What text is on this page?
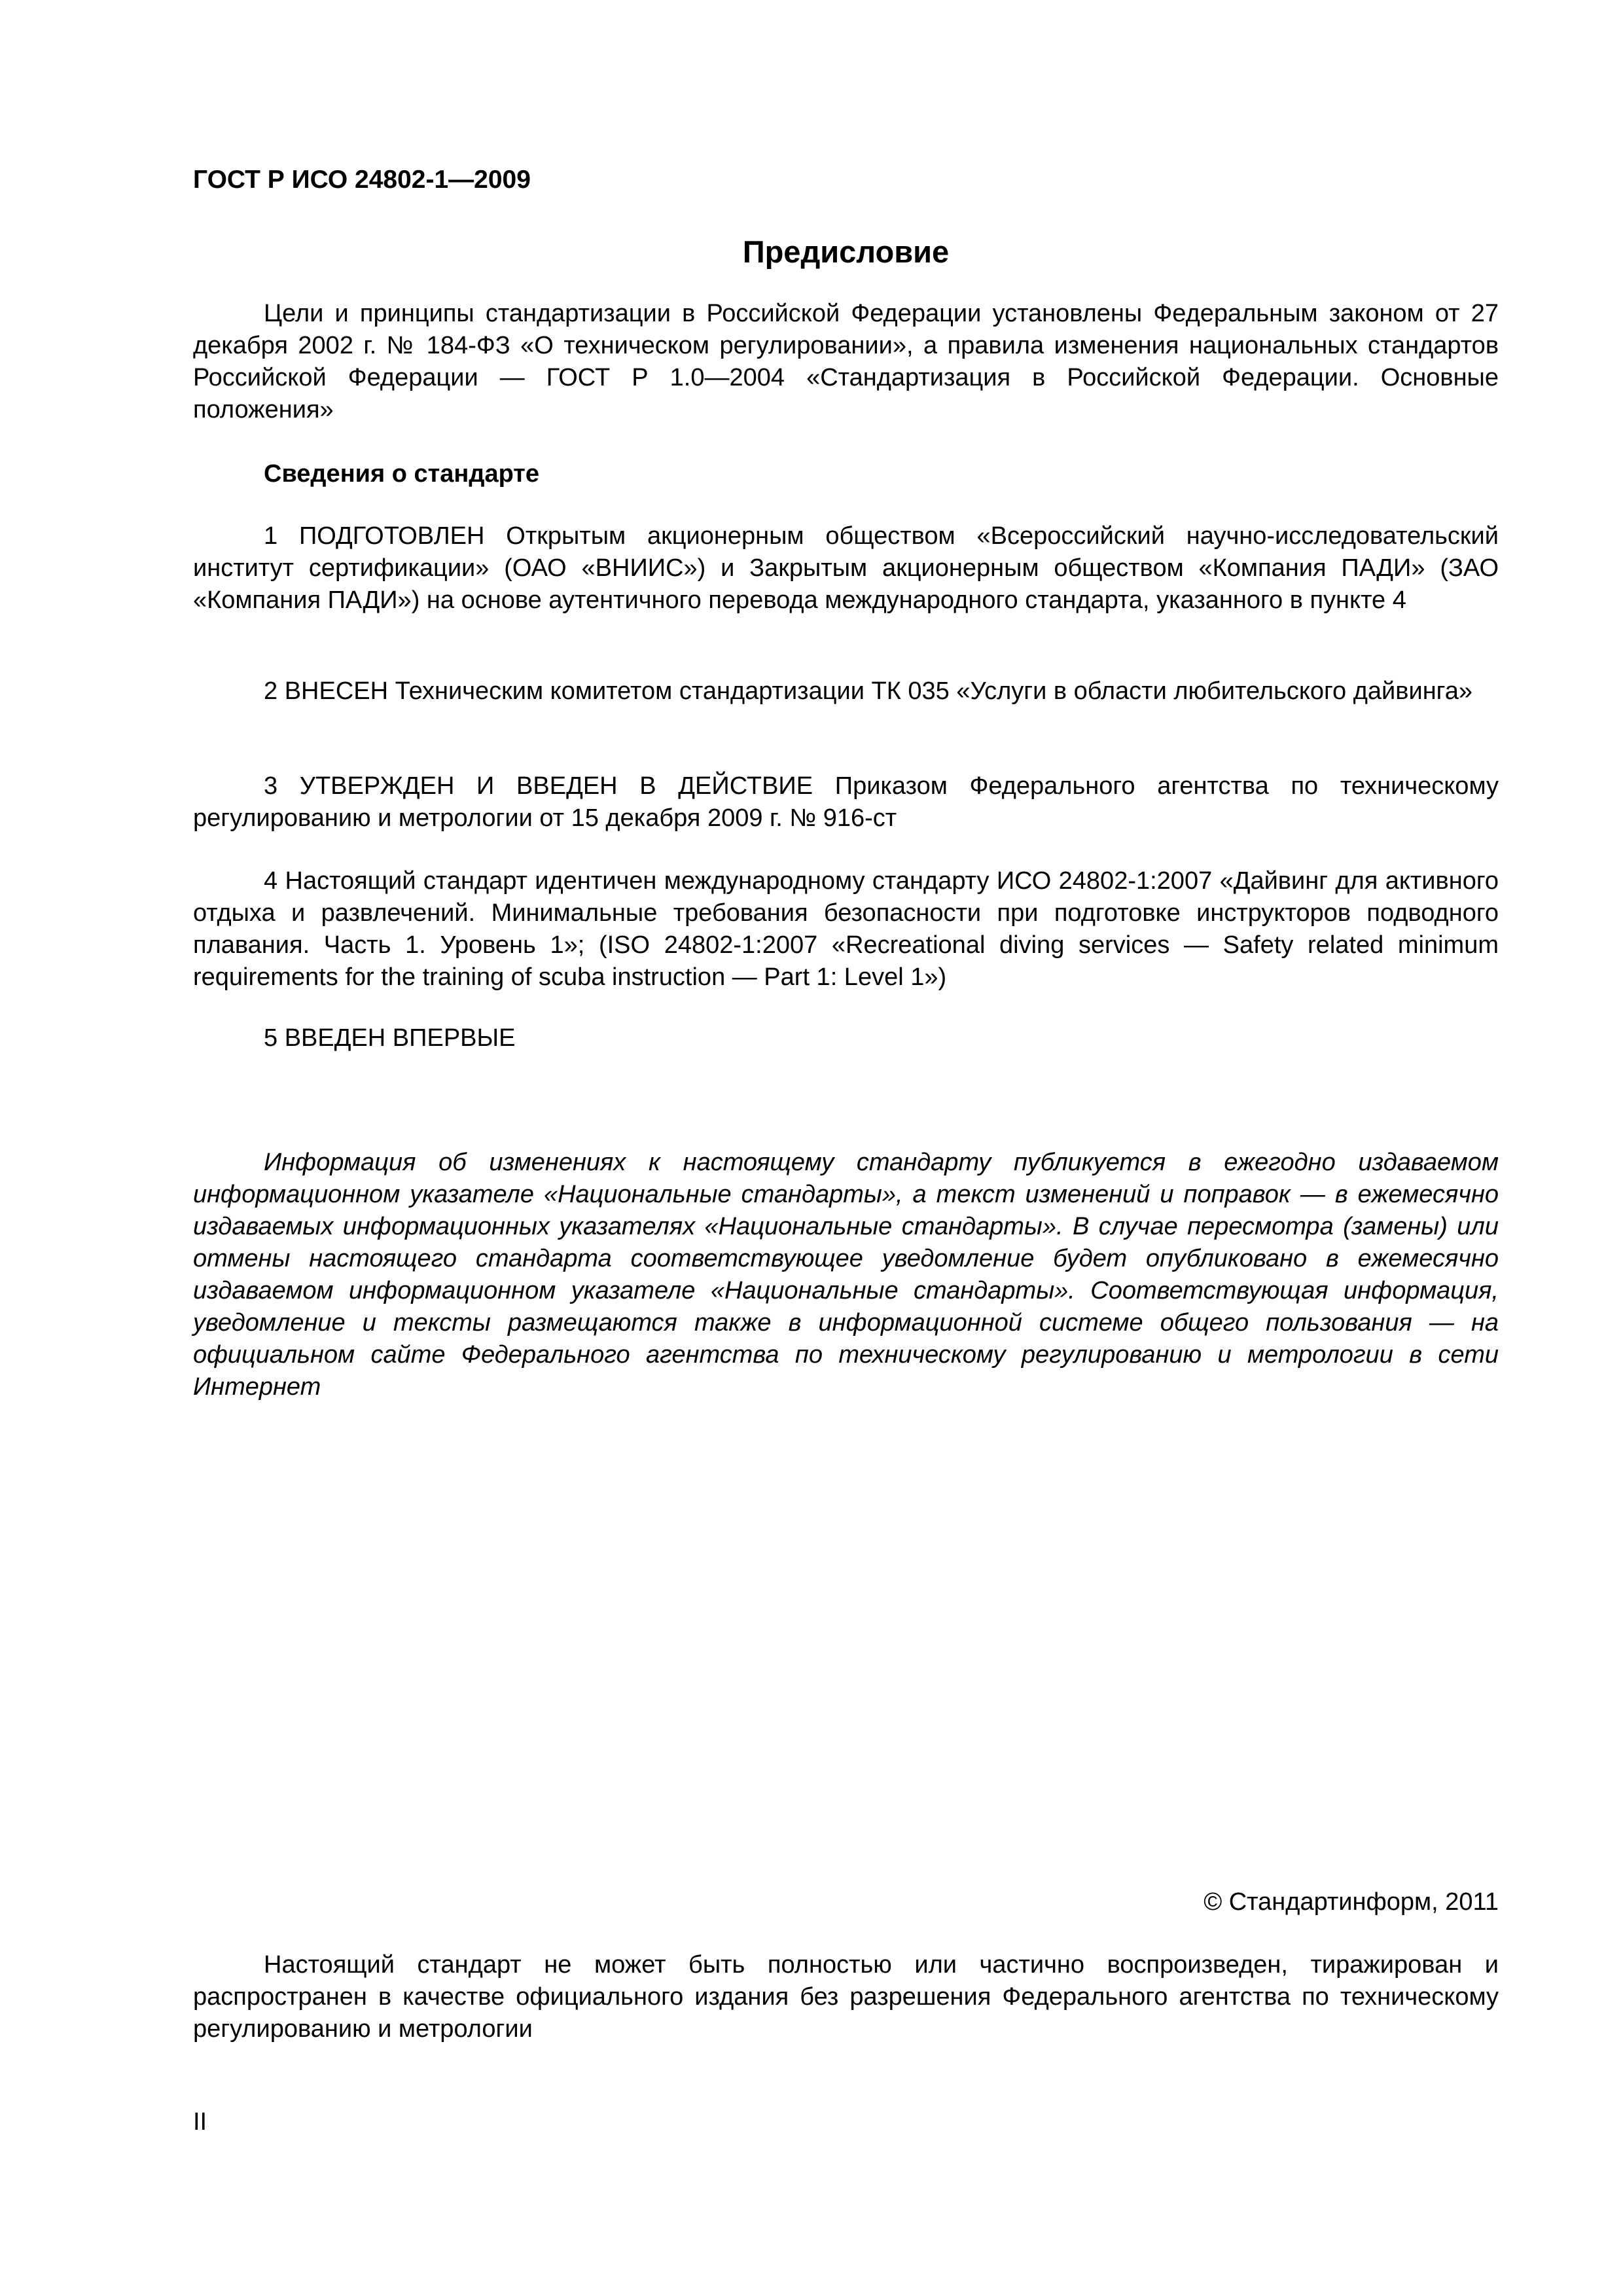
ГОСТ Р ИСО 24802-1—2009

Предисловие

Цели и принципы стандартизации в Российской Федерации установлены Федеральным законом от 27 декабря 2002 г. № 184-ФЗ «О техническом регулировании», а правила изменения национальных стандартов Российской Федерации — ГОСТ Р 1.0—2004 «Стандартизация в Российской Федерации. Основные положения»

Сведения о стандарте

1 ПОДГОТОВЛЕН Открытым акционерным обществом «Всероссийский научно-исследовательский институт сертификации» (ОАО «ВНИИС») и Закрытым акционерным обществом «Компания ПАДИ» (ЗАО «Компания ПАДИ») на основе аутентичного перевода международного стандарта, указанного в пункте 4

2 ВНЕСЕН Техническим комитетом стандартизации ТК 035 «Услуги в области любительского дайвинга»

3 УТВЕРЖДЕН И ВВЕДЕН В ДЕЙСТВИЕ Приказом Федерального агентства по техническому регулированию и метрологии от 15 декабря 2009 г. № 916-ст

4 Настоящий стандарт идентичен международному стандарту ИСО 24802-1:2007 «Дайвинг для активного отдыха и развлечений. Минимальные требования безопасности при подготовке инструкторов подводного плавания. Часть 1. Уровень 1»; (ISO 24802-1:2007 «Recreational diving services — Safety related minimum requirements for the training of scuba instruction — Part 1: Level 1»)

5 ВВЕДЕН ВПЕРВЫЕ

Информация об изменениях к настоящему стандарту публикуется в ежегодно издаваемом информационном указателе «Национальные стандарты», а текст изменений и поправок — в ежемесячно издаваемых информационных указателях «Национальные стандарты». В случае пересмотра (замены) или отмены настоящего стандарта соответствующее уведомление будет опубликовано в ежемесячно издаваемом информационном указателе «Национальные стандарты». Соответствующая информация, уведомление и тексты размещаются также в информационной системе общего пользования — на официальном сайте Федерального агентства по техническому регулированию и метрологии в сети Интернет

© Стандартинформ, 2011

Настоящий стандарт не может быть полностью или частично воспроизведен, тиражирован и распространен в качестве официального издания без разрешения Федерального агентства по техническому регулированию и метрологии

II
